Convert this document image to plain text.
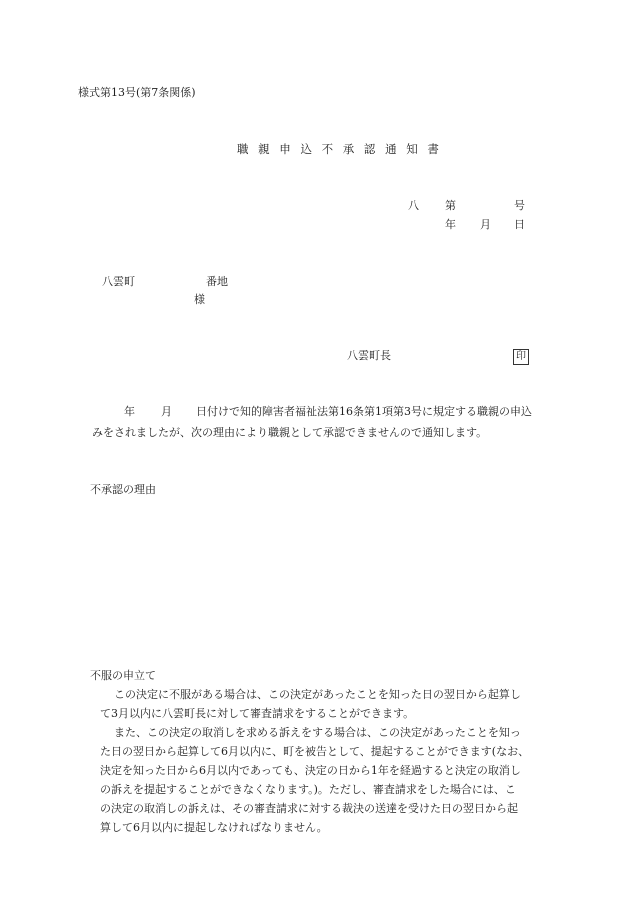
様式第13号(第7条関係)
職 親 申 込 不 承 認 通 知 書
八 第	号
年 月 日
八雲町	番地
様
八雲町長	印
年 月 日付けで知的障害者福祉法第16条第1項第3号に規定する職親の申込
みをされましたが、次の理由により職親として承認できませんので通知します。
不承認の理由
不服の申立て
この決定に不服がある場合は、この決定があったことを知った日の翌日から起算し
て3月以内に八雲町長に対して審査請求をすることができます。
また、この決定の取消しを求める訴えをする場合は、この決定があったことを知っ
た日の翌日から起算して6月以内に、町を被告として、提起することができます(なお、
決定を知った日から6月以内であっても、決定の日から1年を経過すると決定の取消し
の訴えを提起することができなくなります。)。ただし、審査請求をした場合には、こ
の決定の取消しの訴えは、その審査請求に対する裁決の送達を受けた日の翌日から起
算して6月以内に提起しなければなりません。
